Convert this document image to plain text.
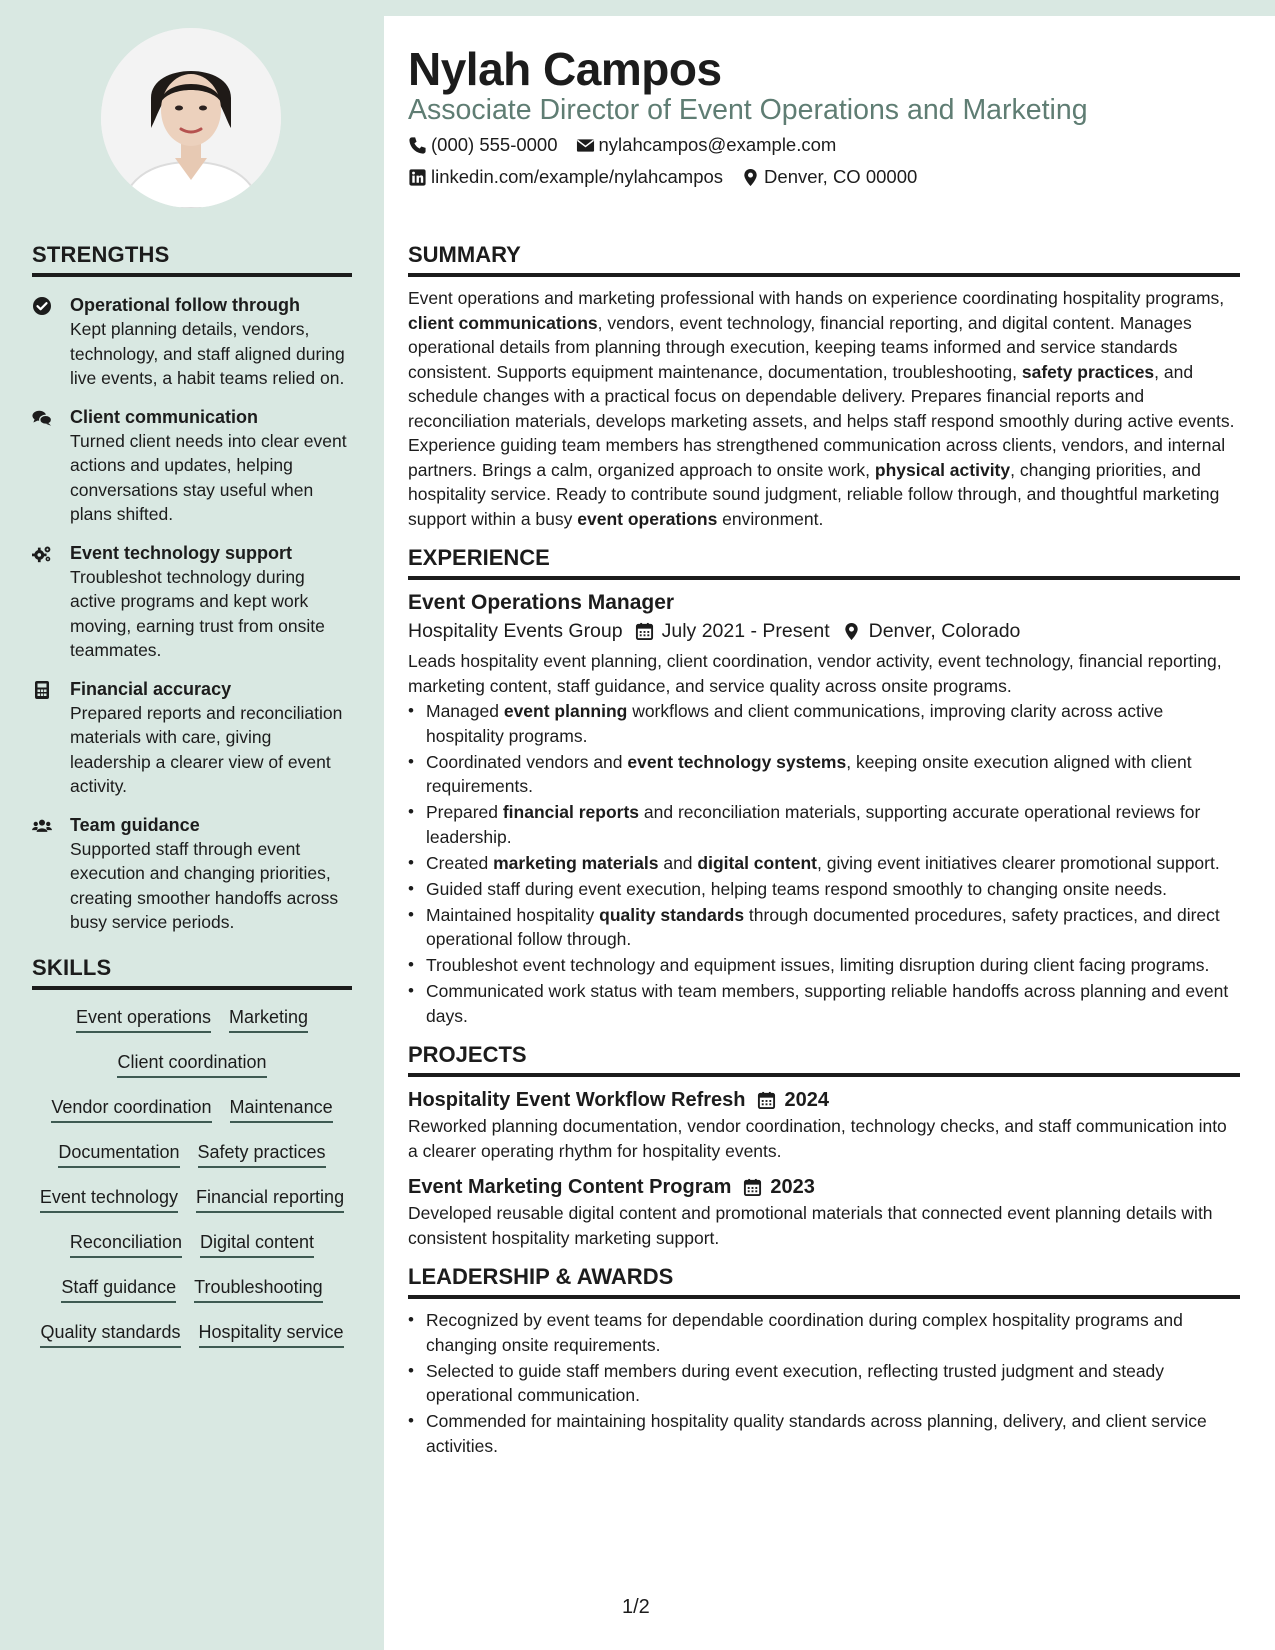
STRENGTHS
Operational follow through
Kept planning details, vendors, technology, and staff aligned during live events, a habit teams relied on.
Client communication
Turned client needs into clear event actions and updates, helping conversations stay useful when plans shifted.
Event technology support
Troubleshot technology during active programs and kept work moving, earning trust from onsite teammates.
Financial accuracy
Prepared reports and reconciliation materials with care, giving leadership a clearer view of event activity.
Team guidance
Supported staff through event execution and changing priorities, creating smoother handoffs across busy service periods.
SKILLS
Event operations Marketing
Client coordination
Vendor coordination Maintenance
Documentation Safety practices
Event technology Financial reporting
Reconciliation Digital content
Staff guidance Troubleshooting
Quality standards Hospitality service
Nylah Campos
Associate Director of Event Operations and Marketing
(000) 555-0000 nylahcampos@example.com
linkedin.com/example/nylahcampos Denver, CO 00000
SUMMARY
Event operations and marketing professional with hands on experience coordinating hospitality programs, client communications, vendors, event technology, financial reporting, and digital content. Manages operational details from planning through execution, keeping teams informed and service standards consistent. Supports equipment maintenance, documentation, troubleshooting, safety practices, and schedule changes with a practical focus on dependable delivery. Prepares financial reports and reconciliation materials, develops marketing assets, and helps staff respond smoothly during active events. Experience guiding team members has strengthened communication across clients, vendors, and internal partners. Brings a calm, organized approach to onsite work, physical activity, changing priorities, and hospitality service. Ready to contribute sound judgment, reliable follow through, and thoughtful marketing support within a busy event operations environment.
EXPERIENCE
Event Operations Manager
Hospitality Events Group July 2021 - Present Denver, Colorado
Leads hospitality event planning, client coordination, vendor activity, event technology, financial reporting, marketing content, staff guidance, and service quality across onsite programs.
• Managed event planning workflows and client communications, improving clarity across active hospitality programs.
• Coordinated vendors and event technology systems, keeping onsite execution aligned with client requirements.
• Prepared financial reports and reconciliation materials, supporting accurate operational reviews for leadership.
• Created marketing materials and digital content, giving event initiatives clearer promotional support.
• Guided staff during event execution, helping teams respond smoothly to changing onsite needs.
• Maintained hospitality quality standards through documented procedures, safety practices, and direct operational follow through.
• Troubleshot event technology and equipment issues, limiting disruption during client facing programs.
• Communicated work status with team members, supporting reliable handoffs across planning and event days.
PROJECTS
Hospitality Event Workflow Refresh 2024
Reworked planning documentation, vendor coordination, technology checks, and staff communication into a clearer operating rhythm for hospitality events.
Event Marketing Content Program 2023
Developed reusable digital content and promotional materials that connected event planning details with consistent hospitality marketing support.
LEADERSHIP & AWARDS
• Recognized by event teams for dependable coordination during complex hospitality programs and changing onsite requirements.
• Selected to guide staff members during event execution, reflecting trusted judgment and steady operational communication.
• Commended for maintaining hospitality quality standards across planning, delivery, and client service activities.
1/2
